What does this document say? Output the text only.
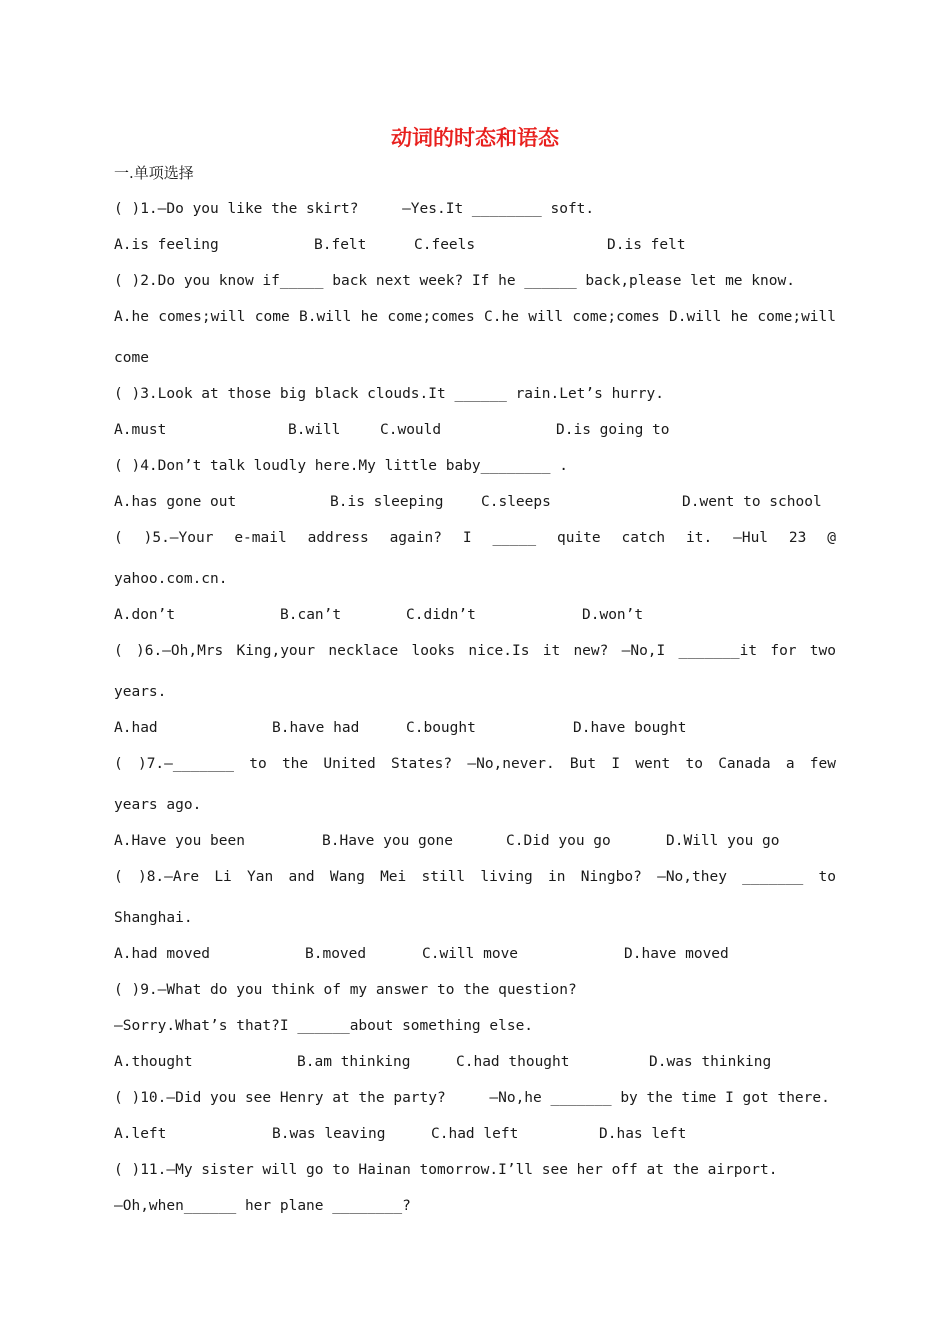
动词的时态和语态
一.单项选择
( )1.—Do you like the skirt?     —Yes.It ________ soft.

A.is feeling

	B.felt

	C.feels

	D.is felt

( )2.Do you know if_____ back next week? If he ______ back,please let me know.
A.he comes;will come B.will he come;comes C.he will come;comes D.will he come;will
come
( )3.Look at those big black clouds.It ______ rain.Let’s hurry.

A.must

	B.will

	C.would

	D.is going to

( )4.Don’t talk loudly here.My little baby________ .

A.has gone out

	B.is sleeping

	C.sleeps

	D.went to school

( )5.—Your e-mail address again? I _____ quite catch it. —Hul 23 @
yahoo.com.cn.

A.don’t

	B.can’t

	C.didn’t

	D.won’t

( )6.—Oh,Mrs King,your necklace looks nice.Is it new? —No,I _______it for two
years.

A.had

	B.have had

	C.bought

	D.have bought

( )7.—_______ to the United States? —No,never. But I went to Canada a few
years ago.

A.Have you been

	B.Have you gone

	C.Did you go

	D.Will you go

( )8.—Are Li Yan and Wang Mei still living in Ningbo? —No,they _______ to
Shanghai.

A.had moved

	B.moved

	C.will move

	D.have moved

( )9.—What do you think of my answer to the question?
—Sorry.What’s that?I ______about something else.

A.thought

	B.am thinking

	C.had thought

	D.was thinking

( )10.—Did you see Henry at the party?     —No,he _______ by the time I got there.

A.left

	B.was leaving

	C.had left

	D.has left

( )11.—My sister will go to Hainan tomorrow.I’ll see her off at the airport.
—Oh,when______ her plane ________?
